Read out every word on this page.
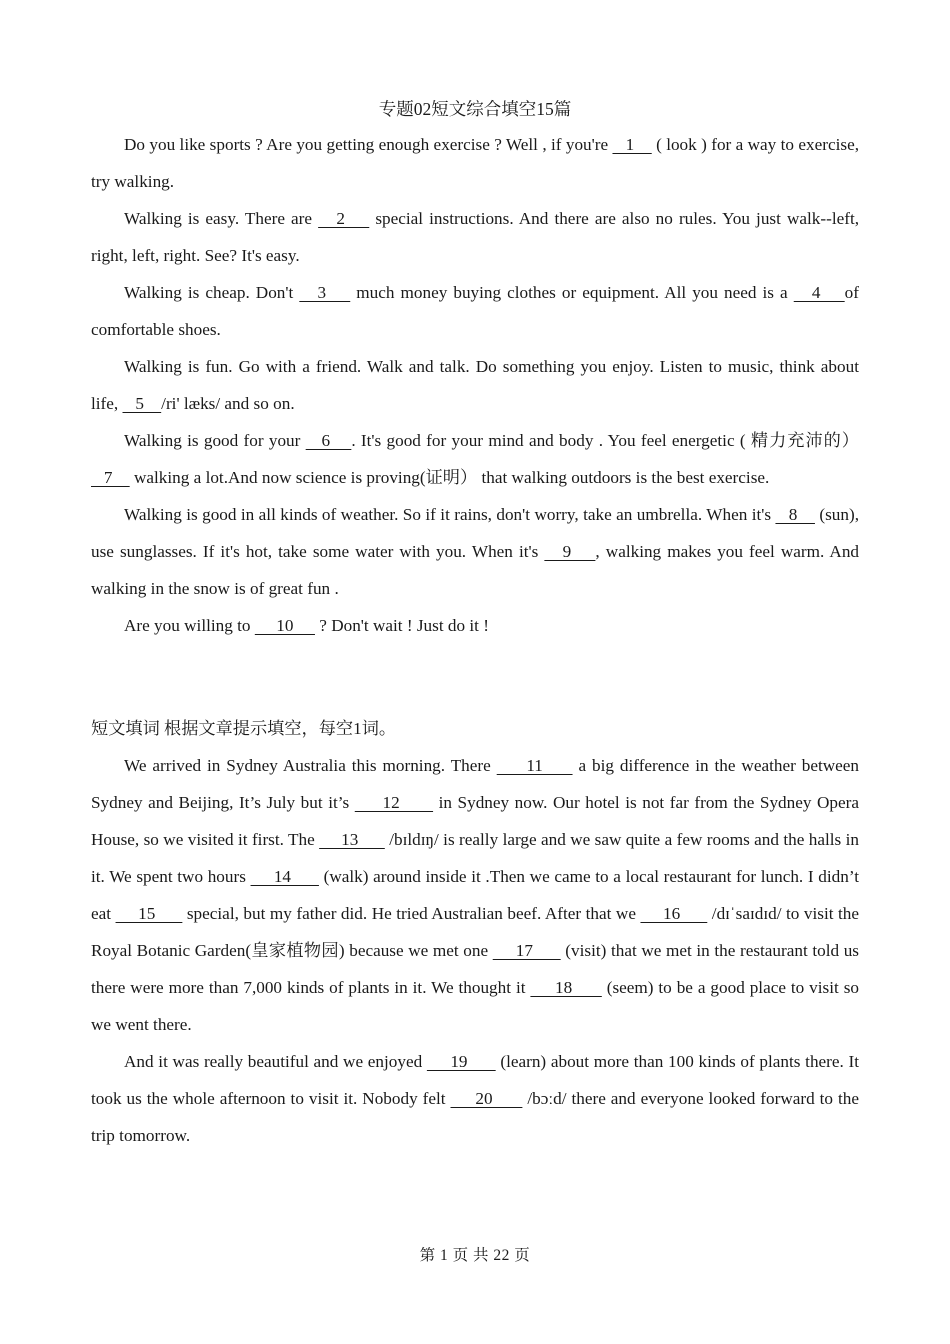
专题02短文综合填空15篇

Do you like sports ? Are you getting enough exercise ? Well , if you're    1     ( look ) for a way to exercise, try walking.

Walking is easy. There are    2     special instructions. And there are also no rules. You just walk--left, right, left, right. See? It's easy.

Walking is cheap. Don't    3     much money buying clothes or equipment. All you need is a    4    of comfortable shoes.

Walking is fun. Go with a friend. Walk and talk. Do something you enjoy. Listen to music, think about life,    5    /ri' læks/ and so on.

Walking is good for your    6    . It's good for your mind and body . You feel energetic ( 精力充沛的）    7     walking a lot.And now science is proving(证明） that walking outdoors is the best exercise.

Walking is good in all kinds of weather. So if it rains, don't worry, take an umbrella. When it's    8     (sun), use sunglasses. If it's hot, take some water with you. When it's    9    , walking makes you feel warm. And walking in the snow is of great fun .

Are you willing to      10      ? Don't wait ! Just do it !

短文填词 根据文章提示填空，每空1词。

We arrived in Sydney Australia this morning. There      11      a big difference in the weather between Sydney and Beijing, It’s July but it’s      12       in Sydney now. Our hotel is not far from the Sydney Opera House, so we visited it first. The      13       /bɪldɪŋ/ is really large and we saw quite a few rooms and the halls in it. We spent two hours      14       (walk) around inside it .Then we came to a local restaurant for lunch. I didn’t eat      15       special, but my father did. He tried Australian beef. After that we      16       /dɪˈsaɪdɪd/ to visit the Royal Botanic Garden(皇家植物园) because we met one      17       (visit) that we met in the restaurant told us there were more than 7,000 kinds of plants in it. We thought it      18       (seem) to be a good place to visit so we went there.

And it was really beautiful and we enjoyed      19       (learn) about more than 100 kinds of plants there. It took us the whole afternoon to visit it. Nobody felt      20       /bɔːd/ there and everyone looked forward to the trip tomorrow.

第 1 页 共 22 页
